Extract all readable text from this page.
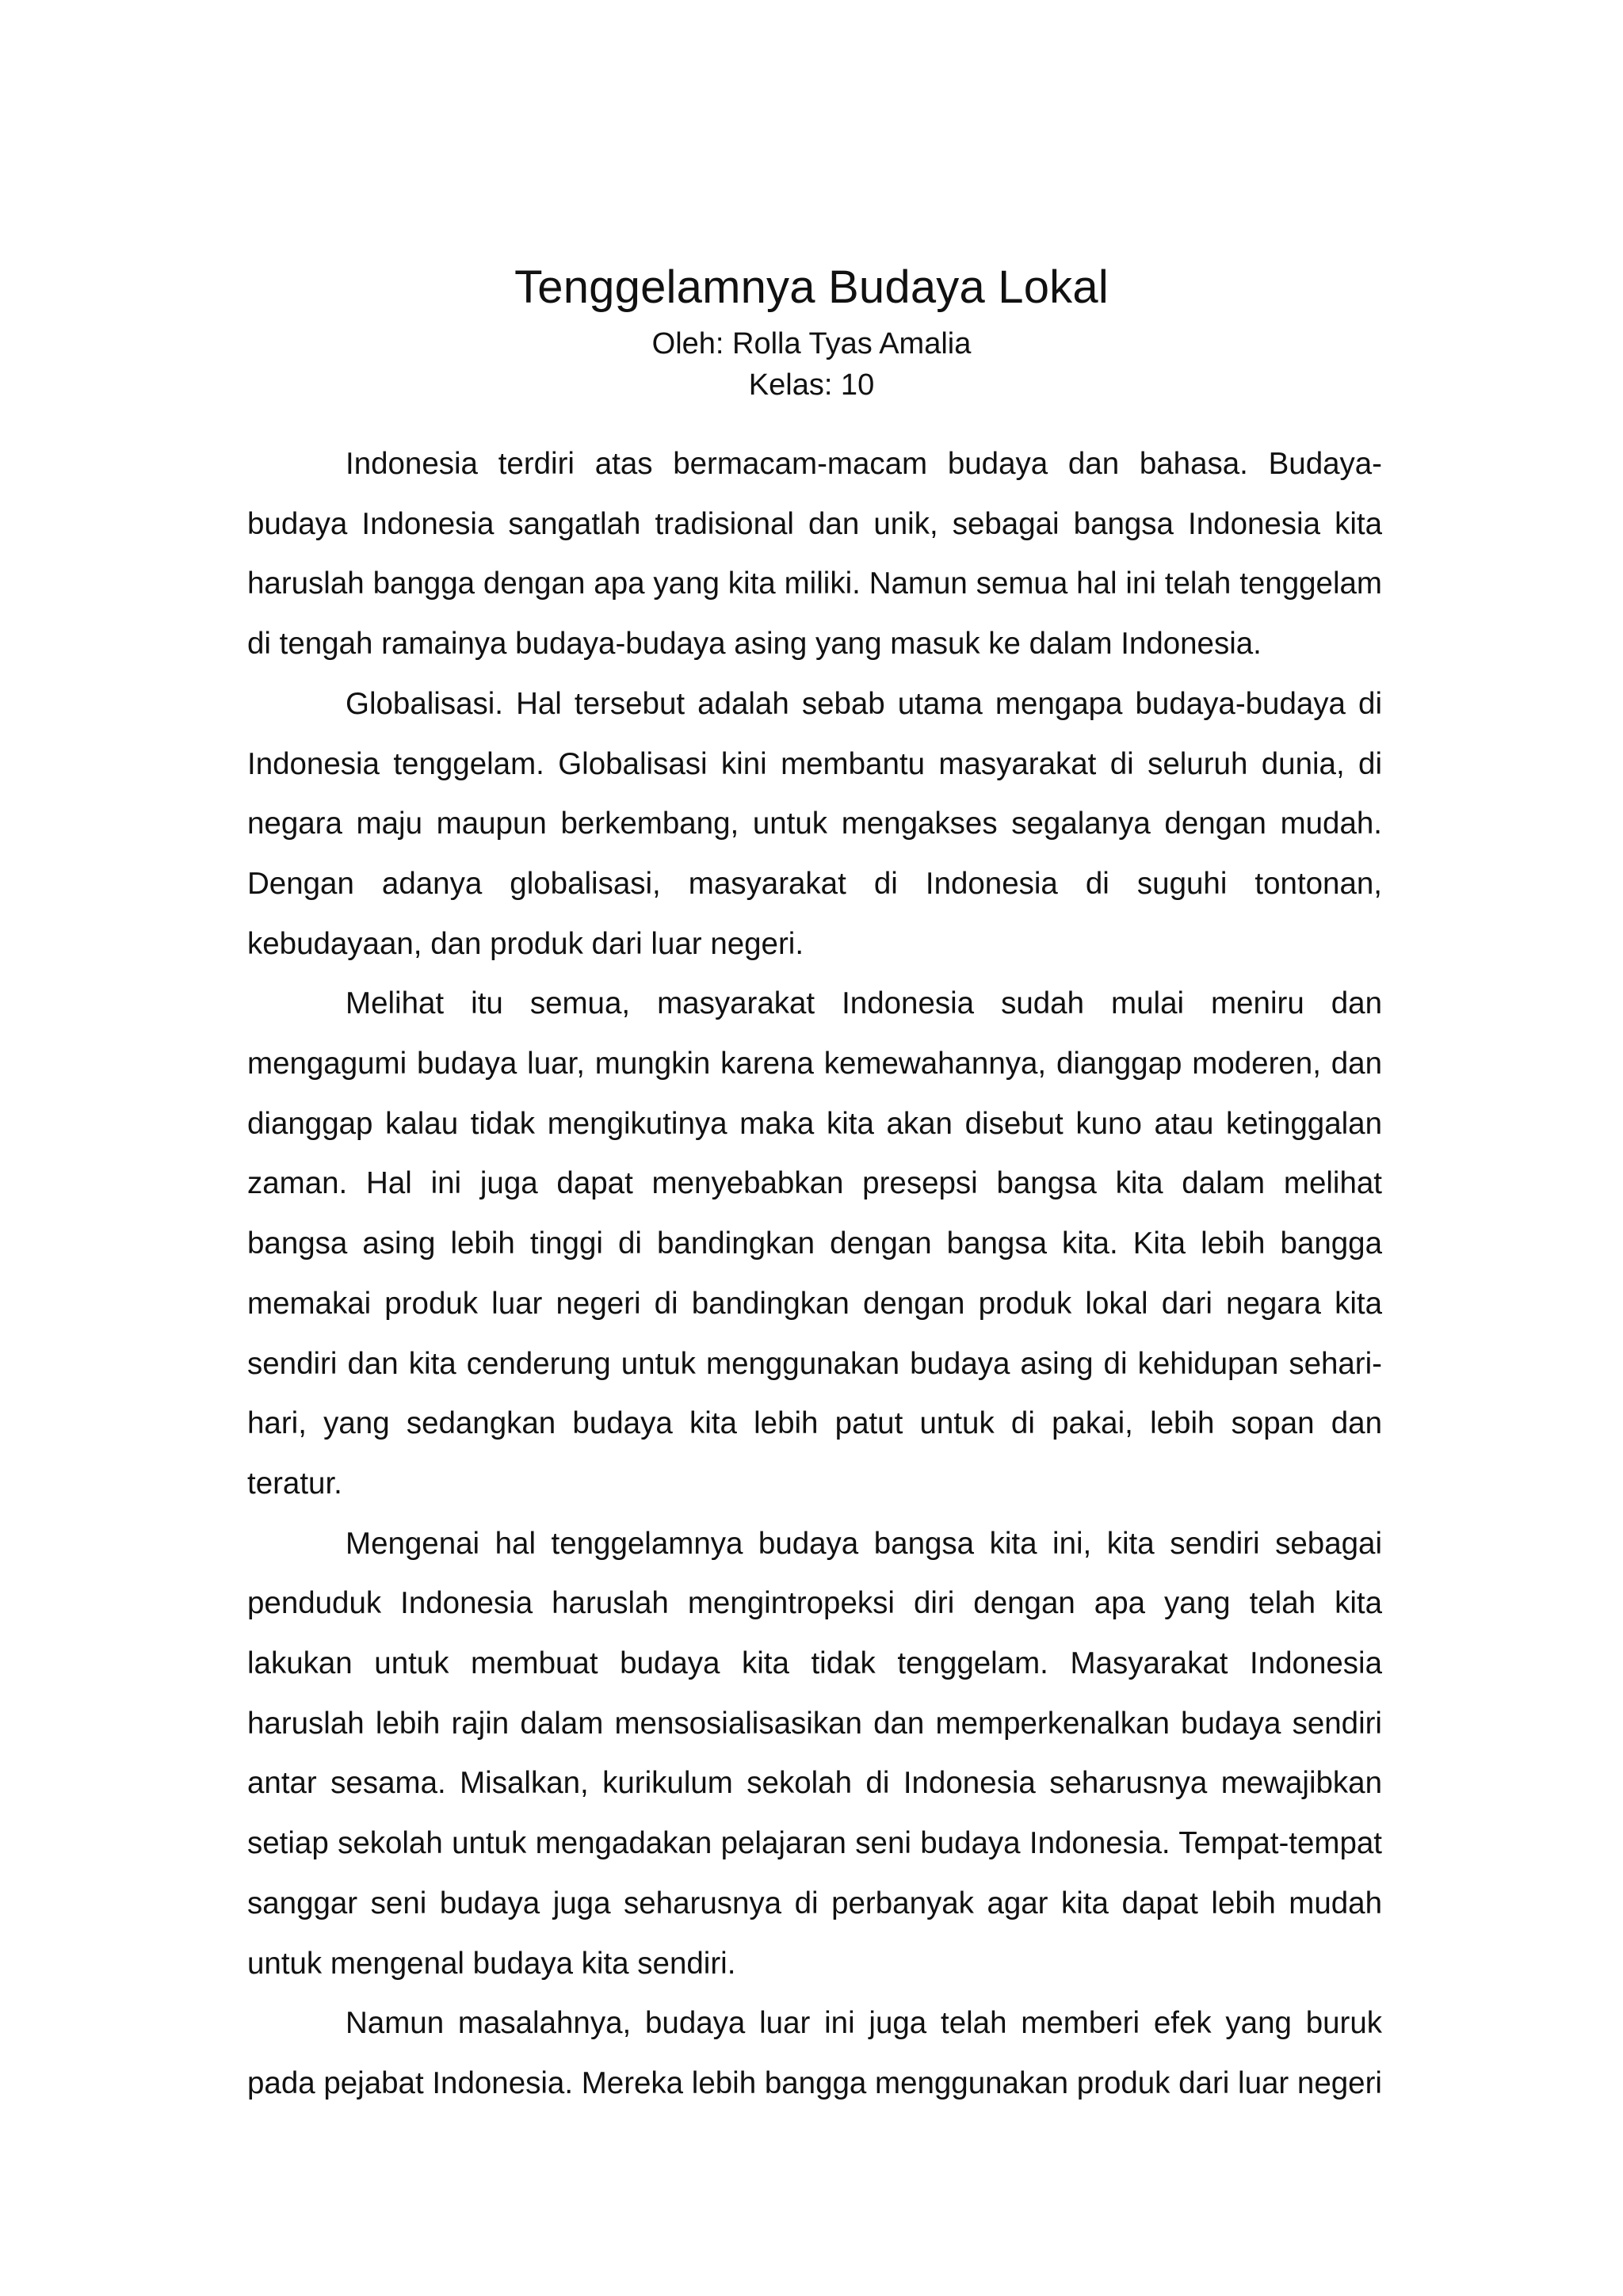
Tenggelamnya Budaya Lokal

Oleh: Rolla Tyas Amalia

Kelas: 10

Indonesia terdiri atas bermacam-macam budaya dan bahasa. Budaya-budaya Indonesia sangatlah tradisional dan unik, sebagai bangsa Indonesia kita haruslah bangga dengan apa yang kita miliki. Namun semua hal ini telah tenggelam di tengah ramainya budaya-budaya asing yang masuk ke dalam Indonesia.

Globalisasi. Hal tersebut adalah sebab utama mengapa budaya-budaya di Indonesia tenggelam. Globalisasi kini membantu masyarakat di seluruh dunia, di negara maju maupun berkembang, untuk mengakses segalanya dengan mudah. Dengan adanya globalisasi, masyarakat di Indonesia di suguhi tontonan, kebudayaan, dan produk dari luar negeri.

Melihat itu semua, masyarakat Indonesia sudah mulai meniru dan mengagumi budaya luar, mungkin karena kemewahannya, dianggap moderen, dan dianggap kalau tidak mengikutinya maka kita akan disebut kuno atau ketinggalan zaman. Hal ini juga dapat menyebabkan presepsi bangsa kita dalam melihat bangsa asing lebih tinggi di bandingkan dengan bangsa kita. Kita lebih bangga memakai produk luar negeri di bandingkan dengan produk lokal dari negara kita sendiri dan kita cenderung untuk menggunakan budaya asing di kehidupan sehari-hari, yang sedangkan budaya kita lebih patut untuk di pakai, lebih sopan dan teratur.

Mengenai hal tenggelamnya budaya bangsa kita ini, kita sendiri sebagai penduduk Indonesia haruslah mengintropeksi diri dengan apa yang telah kita lakukan untuk membuat budaya kita tidak tenggelam. Masyarakat Indonesia haruslah lebih rajin dalam mensosialisasikan dan memperkenalkan budaya sendiri antar sesama. Misalkan, kurikulum sekolah di Indonesia seharusnya mewajibkan setiap sekolah untuk mengadakan pelajaran seni budaya Indonesia. Tempat-tempat sanggar seni budaya juga seharusnya di perbanyak agar kita dapat lebih mudah untuk mengenal budaya kita sendiri.

Namun masalahnya, budaya luar ini juga telah memberi efek yang buruk pada pejabat Indonesia. Mereka lebih bangga menggunakan produk dari luar negeri
